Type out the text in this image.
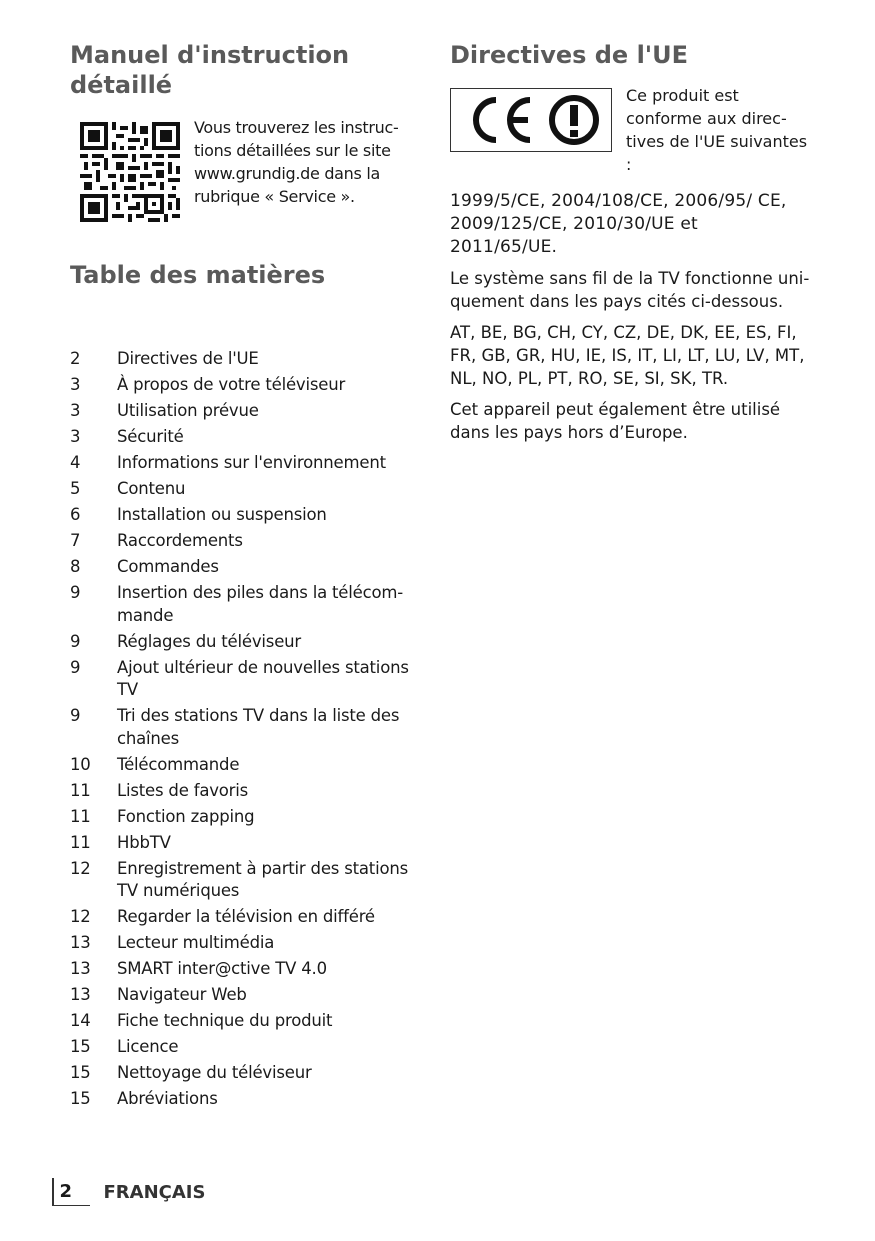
Manuel d'instruction détaillé
Vous trouverez les instructions détaillées sur le site www.grundig.de dans la rubrique « Service ».
Table des matières
2	Directives de l'UE
3	À propos de votre téléviseur
3	Utilisation prévue
3	Sécurité
4	Informations sur l'environnement
5	Contenu
6	Installation ou suspension
7	Raccordements
8	Commandes
9	Insertion des piles dans la télécommande
9	Réglages du téléviseur
9	Ajout ultérieur de nouvelles stations TV
9	Tri des stations TV dans la liste des chaînes
10	Télécommande
11	Listes de favoris
11	Fonction zapping
11	HbbTV
12	Enregistrement à partir des stations TV numériques
12	Regarder la télévision en différé
13	Lecteur multimédia
13	SMART inter@ctive TV 4.0
13	Navigateur Web
14	Fiche technique du produit
15	Licence
15	Nettoyage du téléviseur
15	Abréviations
Directives de l'UE
Ce produit est conforme aux directives de l'UE suivantes :

1999/5/CE, 2004/108/CE, 2006/95/ CE, 2009/125/CE, 2010/30/UE et 2011/65/UE.

Le système sans fil de la TV fonctionne uniquement dans les pays cités ci-dessous.

AT, BE, BG, CH, CY, CZ, DE, DK, EE, ES, FI, FR, GB, GR, HU, IE, IS, IT, LI, LT, LU, LV, MT, NL, NO, PL, PT, RO, SE, SI, SK, TR.

Cet appareil peut également être utilisé dans les pays hors d’Europe.

2	FRANÇAIS
